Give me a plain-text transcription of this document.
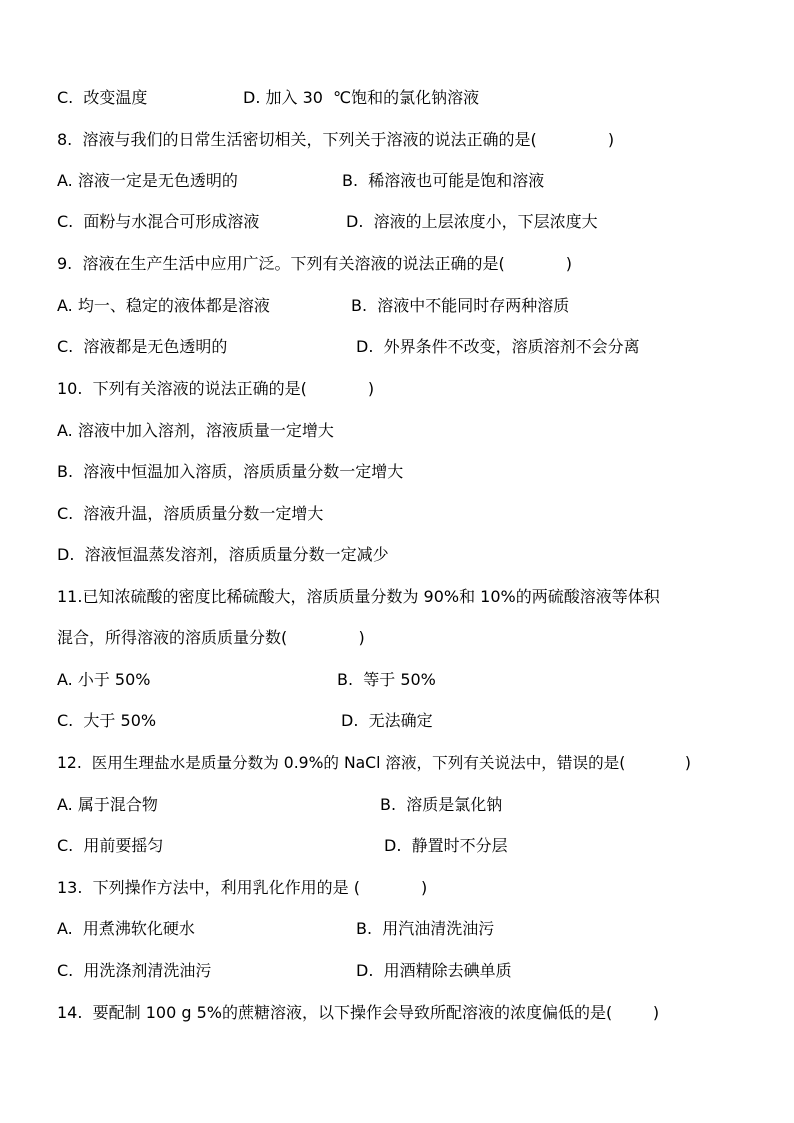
C.  改变温度	D. 加入 30  ℃饱和的氯化钠溶液
8.  溶液与我们的日常生活密切相关，下列关于溶液的说法正确的是(              )
A. 溶液一定是无色透明的	B.  稀溶液也可能是饱和溶液
C.  面粉与水混合可形成溶液	D.  溶液的上层浓度小，下层浓度大
9.  溶液在生产生活中应用广泛。下列有关溶液的说法正确的是(            )
A. 均一、稳定的液体都是溶液	B.  溶液中不能同时存两种溶质
C.  溶液都是无色透明的	D.  外界条件不改变，溶质溶剂不会分离
10.  下列有关溶液的说法正确的是(            )
A. 溶液中加入溶剂，溶液质量一定增大
B.  溶液中恒温加入溶质，溶质质量分数一定增大
C.  溶液升温，溶质质量分数一定增大
D.  溶液恒温蒸发溶剂，溶质质量分数一定减少
11.已知浓硫酸的密度比稀硫酸大，溶质质量分数为 90%和 10%的两硫酸溶液等体积
混合，所得溶液的溶质质量分数(              )
A. 小于 50%	B.  等于 50%
C.  大于 50%	D.  无法确定
12.  医用生理盐水是质量分数为 0.9%的 NaCl 溶液，下列有关说法中，错误的是(            )
A. 属于混合物	B.  溶质是氯化钠
C.  用前要摇匀	D.  静置时不分层
13.  下列操作方法中，利用乳化作用的是 (            )
A.  用煮沸软化硬水	B.  用汽油清洗油污
C.  用洗涤剂清洗油污	D.  用酒精除去碘单质
14.  要配制 100 g 5%的蔗糖溶液，以下操作会导致所配溶液的浓度偏低的是(        )
